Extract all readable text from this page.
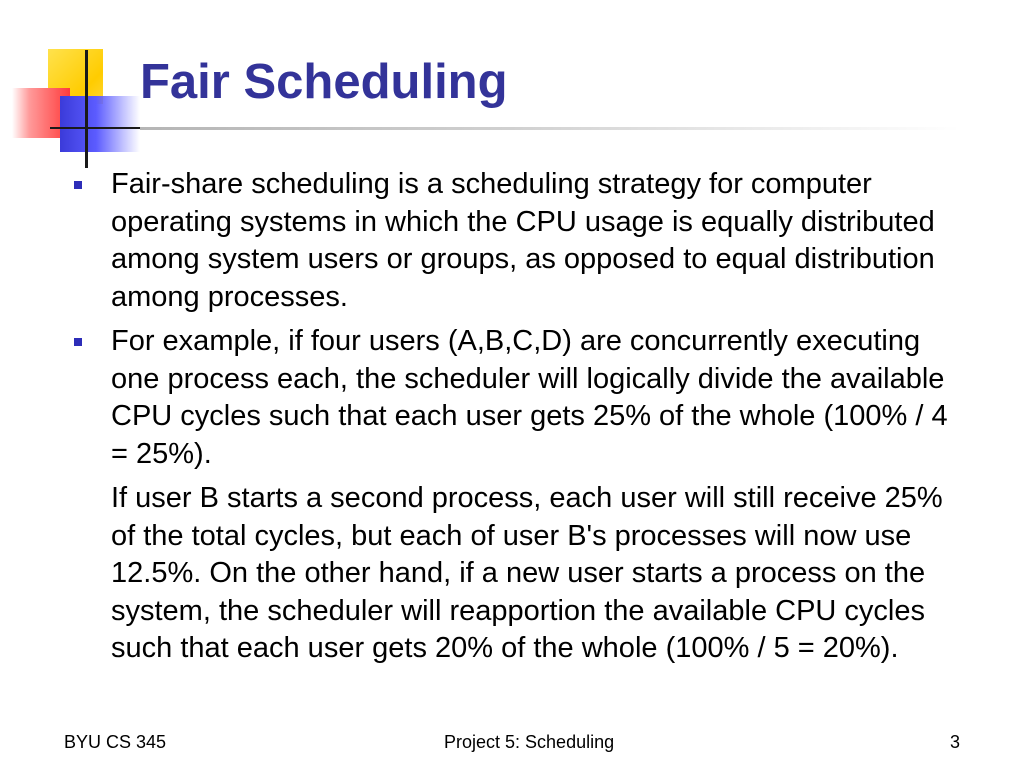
Fair Scheduling
Fair-share scheduling is a scheduling strategy for computer operating systems in which the CPU usage is equally distributed among system users or groups, as opposed to equal distribution among processes.
For example, if four users (A,B,C,D) are concurrently executing one process each, the scheduler will logically divide the available CPU cycles such that each user gets 25% of the whole (100% / 4 = 25%).
If user B starts a second process, each user will still receive 25% of the total cycles, but each of user B's processes will now use 12.5%. On the other hand, if a new user starts a process on the system, the scheduler will reapportion the available CPU cycles such that each user gets 20% of the whole (100% / 5 = 20%).
BYU CS 345	Project 5: Scheduling	3
